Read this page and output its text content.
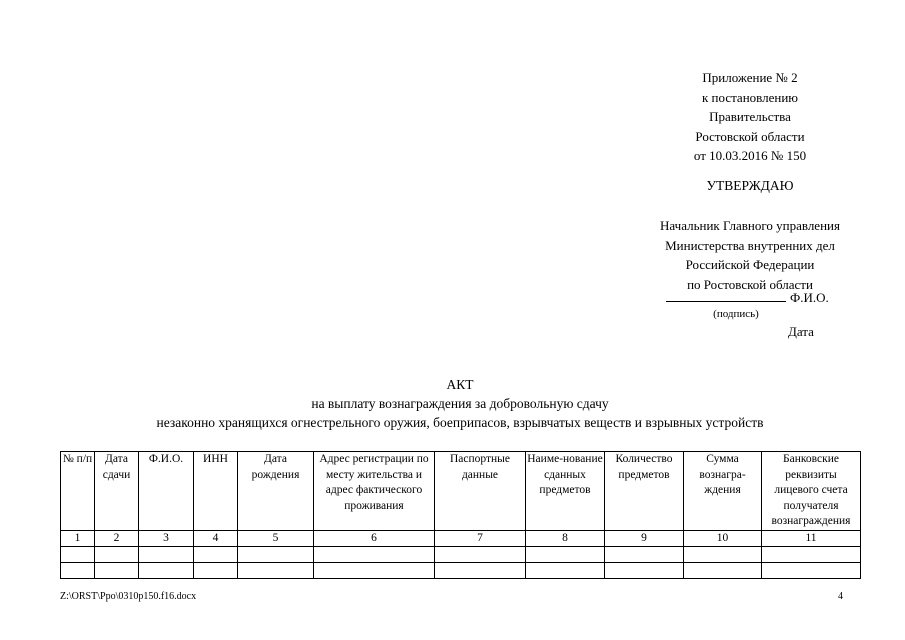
Приложение № 2
к постановлению
Правительства
Ростовской области
от 10.03.2016 № 150
УТВЕРЖДАЮ
Начальник Главного управления
Министерства внутренних дел
Российской Федерации
по Ростовской области
Ф.И.О.
(подпись)
Дата
АКТ
на выплату вознаграждения за добровольную сдачу
незаконно хранящихся огнестрельного оружия, боеприпасов, взрывчатых веществ и взрывных устройств
№ п/п	Дата сдачи	Ф.И.О.	ИНН	Дата рождения	Адрес регистрации по месту жительства и адрес фактического проживания	Паспортные данные	Наиме-нование сданных предметов	Количество предметов	Сумма вознагра-ждения	Банковские реквизиты лицевого счета получателя вознаграждения
1	2	3	4	5	6	7	8	9	10	11

Z:\ORST\Ppo\0310p150.f16.docx	4
